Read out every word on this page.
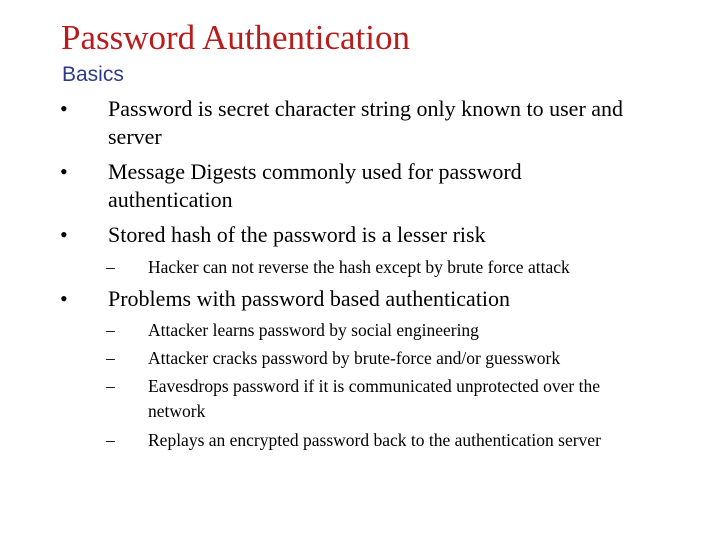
Password Authentication
Basics
• Password is secret character string only known to user and
server
• Message Digests commonly used for password
authentication
• Stored hash of the password is a lesser risk
– Hacker can not reverse the hash except by brute force attack
• Problems with password based authentication
– Attacker learns password by social engineering
– Attacker cracks password by brute-force and/or guesswork
– Eavesdrops password if it is communicated unprotected over the
network
– Replays an encrypted password back to the authentication server
